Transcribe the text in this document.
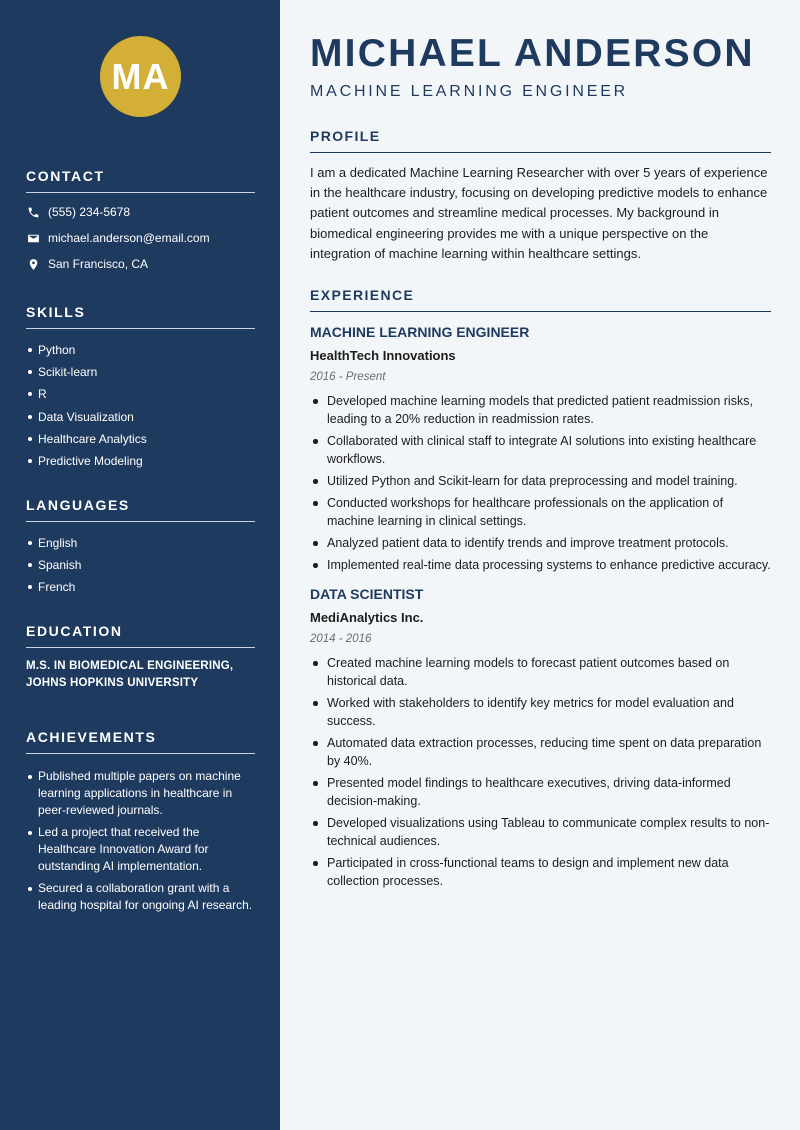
MA
CONTACT
(555) 234-5678
michael.anderson@email.com
San Francisco, CA
SKILLS
Python
Scikit-learn
R
Data Visualization
Healthcare Analytics
Predictive Modeling
LANGUAGES
English
Spanish
French
EDUCATION
M.S. IN BIOMEDICAL ENGINEERING,
JOHNS HOPKINS UNIVERSITY
ACHIEVEMENTS
Published multiple papers on machine learning applications in healthcare in peer-reviewed journals.
Led a project that received the Healthcare Innovation Award for outstanding AI implementation.
Secured a collaboration grant with a leading hospital for ongoing AI research.
MICHAEL ANDERSON
MACHINE LEARNING ENGINEER
PROFILE

I am a dedicated Machine Learning Researcher with over 5 years of experience in the healthcare industry, focusing on developing predictive models to enhance patient outcomes and streamline medical processes. My background in biomedical engineering provides me with a unique perspective on the integration of machine learning within healthcare settings.

EXPERIENCE
MACHINE LEARNING ENGINEER
HealthTech Innovations
2016 - Present
Developed machine learning models that predicted patient readmission risks, leading to a 20% reduction in readmission rates.
Collaborated with clinical staff to integrate AI solutions into existing healthcare workflows.
Utilized Python and Scikit-learn for data preprocessing and model training.
Conducted workshops for healthcare professionals on the application of machine learning in clinical settings.
Analyzed patient data to identify trends and improve treatment protocols.
Implemented real-time data processing systems to enhance predictive accuracy.
DATA SCIENTIST
MediAnalytics Inc.
2014 - 2016
Created machine learning models to forecast patient outcomes based on historical data.
Worked with stakeholders to identify key metrics for model evaluation and success.
Automated data extraction processes, reducing time spent on data preparation by 40%.
Presented model findings to healthcare executives, driving data-informed decision-making.
Developed visualizations using Tableau to communicate complex results to non-technical audiences.
Participated in cross-functional teams to design and implement new data collection processes.
